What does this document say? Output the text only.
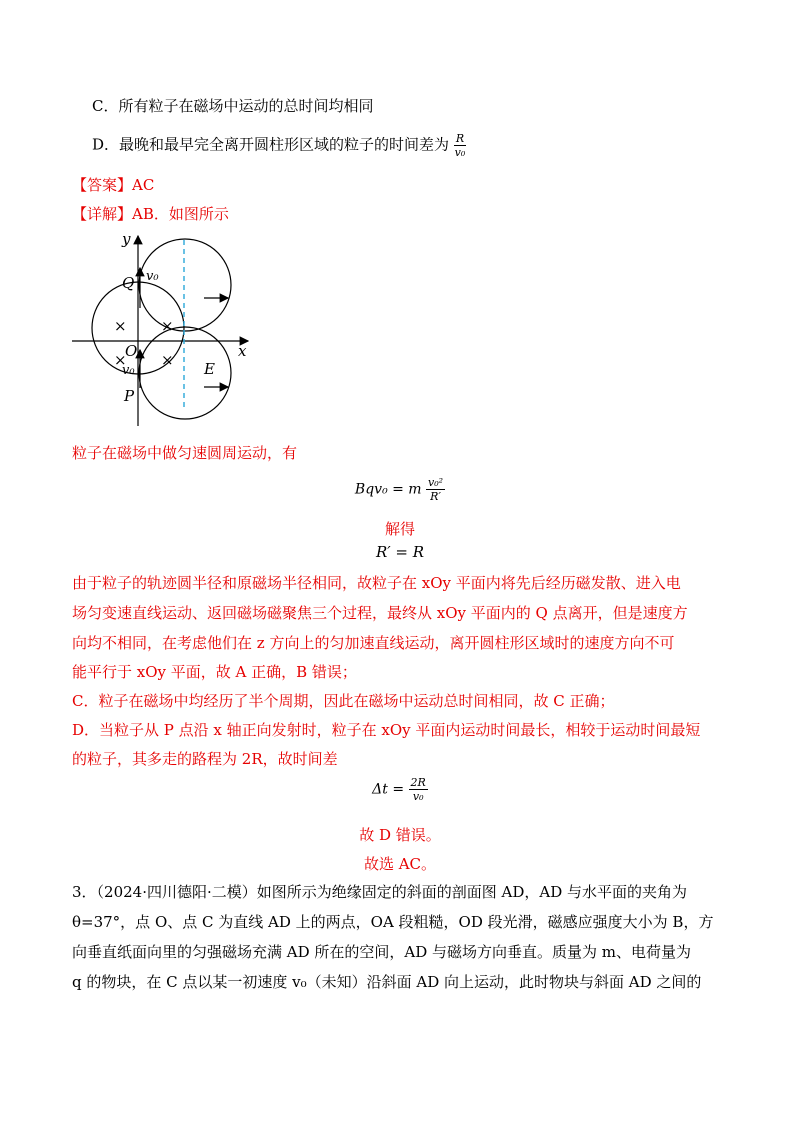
C．所有粒子在磁场中运动的总时间均相同
D．最晚和最早完全离开圆柱形区域的粒子的时间差为 $\frac{R}{\text{v₀}}$
【答案】AC
【详解】AB．如图所示
y
x
Q
O
P
E
v₀
v₀
× ×
× ×
粒子在磁场中做匀速圆周运动，有
Bqv₀ = m $\frac{\text{v₀²}}{R'}$
解得
R′ = R
由于粒子的轨迹圆半径和原磁场半径相同，故粒子在 xOy 平面内将先后经历磁发散、进入电
场匀变速直线运动、返回磁场磁聚焦三个过程，最终从 xOy 平面内的 Q 点离开，但是速度方
向均不相同，在考虑他们在 z 方向上的匀加速直线运动，离开圆柱形区域时的速度方向不可
能平行于 xOy 平面，故 A 正确，B 错误；
C．粒子在磁场中均经历了半个周期，因此在磁场中运动总时间相同，故 C 正确；
D．当粒子从 P 点沿 x 轴正向发射时，粒子在 xOy 平面内运动时间最长，相较于运动时间最短
的粒子，其多走的路程为 2R，故时间差
$\Delta t = \frac{2R}{\text{v₀}}$
故 D 错误。
故选 AC。
3．（2024·四川德阳·二模）如图所示为绝缘固定的斜面的剖面图 AD，AD 与水平面的夹角为
θ=37°，点 O、点 C 为直线 AD 上的两点，OA 段粗糙，OD 段光滑，磁感应强度大小为 B，方
向垂直纸面向里的匀强磁场充满 AD 所在的空间，AD 与磁场方向垂直。质量为 m、电荷量为
q 的物块，在 C 点以某一初速度 v₀（未知）沿斜面 AD 向上运动，此时物块与斜面 AD 之间的
